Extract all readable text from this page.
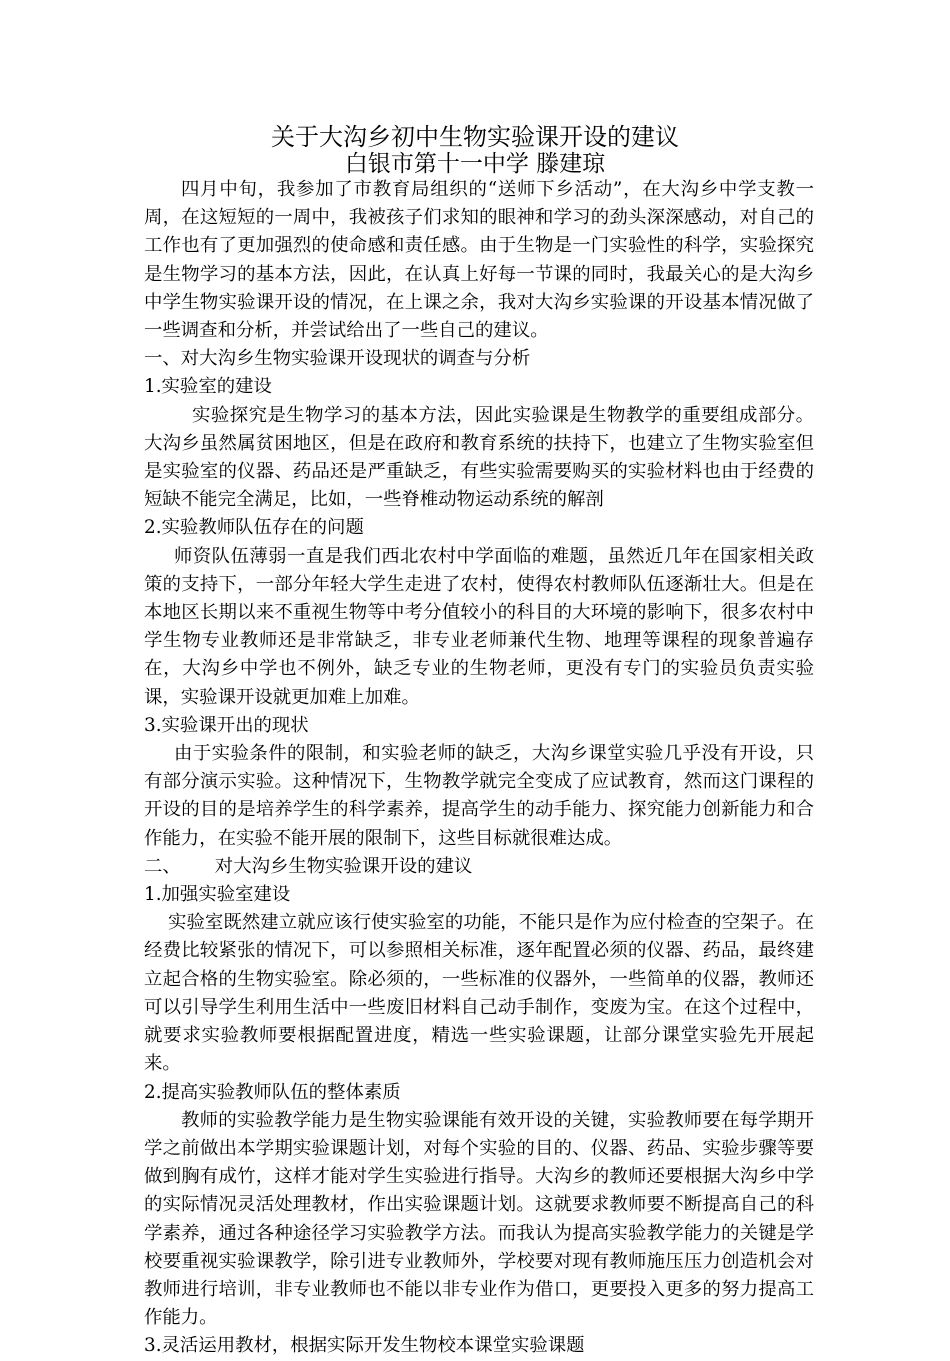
关于大沟乡初中生物实验课开设的建议
白银市第十一中学 滕建琼

四月中旬，我参加了市教育局组织的“送师下乡活动”，在大沟乡中学支教一周，在这短短的一周中，我被孩子们求知的眼神和学习的劲头深深感动，对自己的工作也有了更加强烈的使命感和责任感。由于生物是一门实验性的科学，实验探究是生物学习的基本方法，因此，在认真上好每一节课的同时，我最关心的是大沟乡中学生物实验课开设的情况，在上课之余，我对大沟乡实验课的开设基本情况做了一些调查和分析，并尝试给出了一些自己的建议。

一、对大沟乡生物实验课开设现状的调查与分析

1.实验室的建设

实验探究是生物学习的基本方法，因此实验课是生物教学的重要组成部分。大沟乡虽然属贫困地区，但是在政府和教育系统的扶持下，也建立了生物实验室但是实验室的仪器、药品还是严重缺乏，有些实验需要购买的实验材料也由于经费的短缺不能完全满足，比如，一些脊椎动物运动系统的解剖

2.实验教师队伍存在的问题

师资队伍薄弱一直是我们西北农村中学面临的难题，虽然近几年在国家相关政策的支持下，一部分年轻大学生走进了农村，使得农村教师队伍逐渐壮大。但是在本地区长期以来不重视生物等中考分值较小的科目的大环境的影响下，很多农村中学生物专业教师还是非常缺乏，非专业老师兼代生物、地理等课程的现象普遍存在，大沟乡中学也不例外，缺乏专业的生物老师，更没有专门的实验员负责实验课，实验课开设就更加难上加难。

3.实验课开出的现状

由于实验条件的限制，和实验老师的缺乏，大沟乡课堂实验几乎没有开设，只有部分演示实验。这种情况下，生物教学就完全变成了应试教育，然而这门课程的开设的目的是培养学生的科学素养，提高学生的动手能力、探究能力创新能力和合作能力，在实验不能开展的限制下，这些目标就很难达成。

二、 对大沟乡生物实验课开设的建议

1.加强实验室建设

实验室既然建立就应该行使实验室的功能，不能只是作为应付检查的空架子。在经费比较紧张的情况下，可以参照相关标准，逐年配置必须的仪器、药品，最终建立起合格的生物实验室。除必须的，一些标准的仪器外，一些简单的仪器，教师还可以引导学生利用生活中一些废旧材料自己动手制作，变废为宝。在这个过程中，就要求实验教师要根据配置进度，精选一些实验课题，让部分课堂实验先开展起来。

2.提高实验教师队伍的整体素质

教师的实验教学能力是生物实验课能有效开设的关键，实验教师要在每学期开学之前做出本学期实验课题计划，对每个实验的目的、仪器、药品、实验步骤等要做到胸有成竹，这样才能对学生实验进行指导。大沟乡的教师还要根据大沟乡中学的实际情况灵活处理教材，作出实验课题计划。这就要求教师要不断提高自己的科学素养，通过各种途径学习实验教学方法。而我认为提高实验教学能力的关键是学校要重视实验课教学，除引进专业教师外，学校要对现有教师施压压力创造机会对教师进行培训，非专业教师也不能以非专业作为借口，更要投入更多的努力提高工作能力。

3.灵活运用教材，根据实际开发生物校本课堂实验课题
